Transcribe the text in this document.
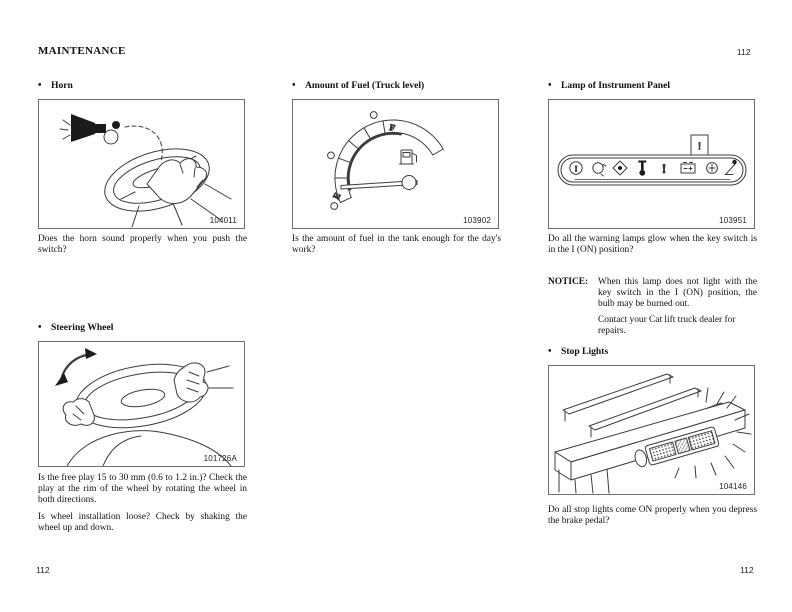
MAINTENANCE	112
112	112
• Horn	• Amount of Fuel (Truck level)	• Lamp of Instrument Panel
• Steering Wheel
• Stop Lights
104011
F
E
103902
!
!	!
103951
101726A
104146
Does the horn sound properly when you push the switch?
Is the amount of fuel in the tank enough for the day's work?
Do all the warning lamps glow when the key switch is in the I (ON) position?
NOTICE:	When this lamp does not light with the key switch in the I (ON) position, the bulb may be burned out.

Contact your Cat lift truck dealer for repairs.

Is the free play 15 to 30 mm (0.6 to 1.2 in.)? Check the play at the rim of the wheel by rotating the wheel in both directions.
Is wheel installation loose? Check by shaking the wheel up and down.
Do all stop lights come ON properly when you depress the brake pedal?
